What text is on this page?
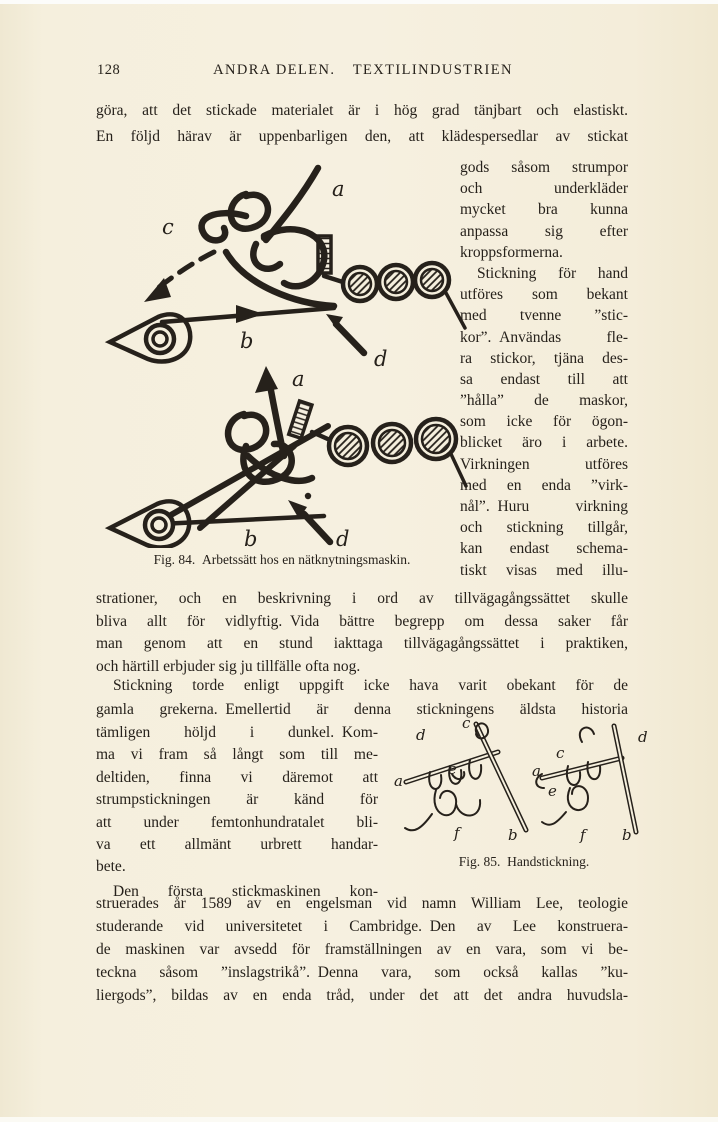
128	ANDRA DELEN.  TEXTILINDUSTRIEN
göra, att det stickade materialet är i hög grad tänjbart och elastiskt.
En följd härav är uppenbarligen den, att klädespersedlar av stickat
a
c
b
d
a
b	d
Fig. 84. Arbetssätt hos en nätknytningsmaskin.
gods såsom strumpor
och underkläder
mycket bra kunna
anpassa sig efter
kroppsformerna.
Stickning för hand
utföres som bekant
med tvenne ”stic-
kor”. Användas fle-
ra stickor, tjäna des-
sa endast till att
”hålla” de maskor,
som icke för ögon-
blicket äro i arbete.
Virkningen utföres
med en enda ”virk-
nål”. Huru virkning
och stickning tillgår,
kan endast schema-
tiskt visas med illu-
strationer, och en beskrivning i ord av tillvägagångssättet skulle
bliva allt för vidlyftig. Vida bättre begrepp om dessa saker får
man genom att en stund iakttaga tillvägagångssättet i praktiken,
och härtill erbjuder sig ju tillfälle ofta nog.
Stickning torde enligt uppgift icke hava varit obekant för de
gamla grekerna. Emellertid är denna stickningens äldsta historia
tämligen höljd i dunkel. Kom-
ma vi fram så långt som till me-
deltiden, finna vi däremot att
strumpstickningen är känd för
att under femtonhundratalet bli-
va ett allmänt urbrett handar-
bete.
Den första stickmaskinen kon-
d
c
a
e
f	b
c
d
a
e
f b
Fig. 85. Handstickning.
struerades år 1589 av en engelsman vid namn William Lee, teologie
studerande vid universitetet i Cambridge. Den av Lee konstruera-
de maskinen var avsedd för framställningen av en vara, som vi be-
teckna såsom ”inslagstrikå”. Denna vara, som också kallas ”ku-
liergods”, bildas av en enda tråd, under det att det andra huvudsla-
